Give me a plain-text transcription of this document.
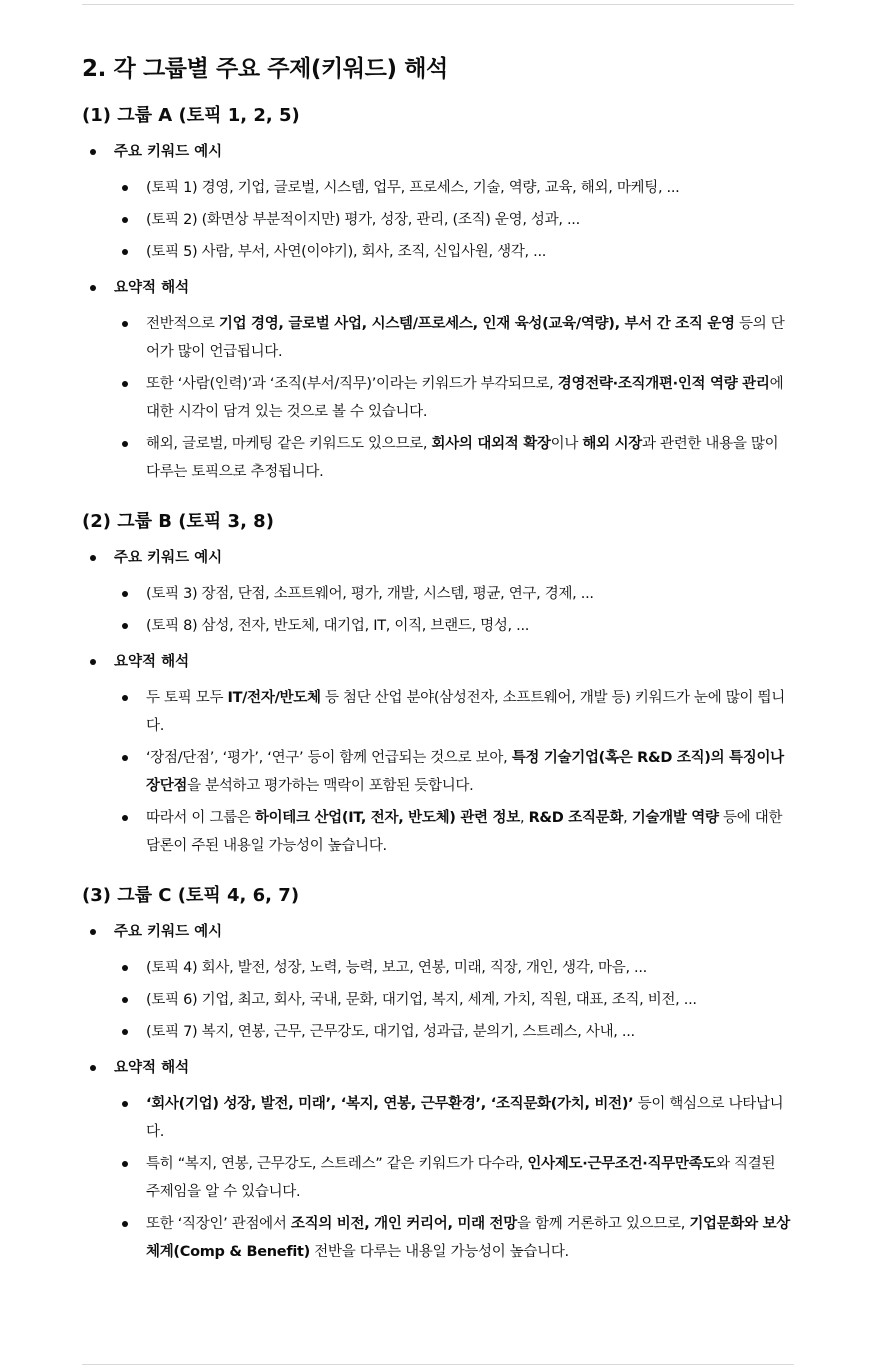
2. 각 그룹별 주요 주제(키워드) 해석
(1) 그룹 A (토픽 1, 2, 5)
주요 키워드 예시
(토픽 1) 경영, 기업, 글로벌, 시스템, 업무, 프로세스, 기술, 역량, 교육, 해외, 마케팅, ...
(토픽 2) (화면상 부분적이지만) 평가, 성장, 관리, (조직) 운영, 성과, ...
(토픽 5) 사람, 부서, 사연(이야기), 회사, 조직, 신입사원, 생각, ...
요약적 해석
전반적으로 기업 경영, 글로벌 사업, 시스템/프로세스, 인재 육성(교육/역량), 부서 간 조직 운영 등의 단어가 많이 언급됩니다.
또한 ‘사람(인력)’과 ‘조직(부서/직무)’이라는 키워드가 부각되므로, 경영전략·조직개편·인적 역량 관리에 대한 시각이 담겨 있는 것으로 볼 수 있습니다.
해외, 글로벌, 마케팅 같은 키워드도 있으므로, 회사의 대외적 확장이나 해외 시장과 관련한 내용을 많이 다루는 토픽으로 추정됩니다.
(2) 그룹 B (토픽 3, 8)
주요 키워드 예시
(토픽 3) 장점, 단점, 소프트웨어, 평가, 개발, 시스템, 평균, 연구, 경제, ...
(토픽 8) 삼성, 전자, 반도체, 대기업, IT, 이직, 브랜드, 명성, ...
요약적 해석
두 토픽 모두 IT/전자/반도체 등 첨단 산업 분야(삼성전자, 소프트웨어, 개발 등) 키워드가 눈에 많이 띕니다.
‘장점/단점’, ‘평가’, ‘연구’ 등이 함께 언급되는 것으로 보아, 특정 기술기업(혹은 R&D 조직)의 특징이나 장단점을 분석하고 평가하는 맥락이 포함된 듯합니다.
따라서 이 그룹은 하이테크 산업(IT, 전자, 반도체) 관련 정보, R&D 조직문화, 기술개발 역량 등에 대한 담론이 주된 내용일 가능성이 높습니다.
(3) 그룹 C (토픽 4, 6, 7)
주요 키워드 예시
(토픽 4) 회사, 발전, 성장, 노력, 능력, 보고, 연봉, 미래, 직장, 개인, 생각, 마음, ...
(토픽 6) 기업, 최고, 회사, 국내, 문화, 대기업, 복지, 세계, 가치, 직원, 대표, 조직, 비전, ...
(토픽 7) 복지, 연봉, 근무, 근무강도, 대기업, 성과급, 분의기, 스트레스, 사내, ...
요약적 해석
‘회사(기업) 성장, 발전, 미래’, ‘복지, 연봉, 근무환경’, ‘조직문화(가치, 비전)’ 등이 핵심으로 나타납니다.
특히 “복지, 연봉, 근무강도, 스트레스” 같은 키워드가 다수라, 인사제도·근무조건·직무만족도와 직결된 주제임을 알 수 있습니다.
또한 ‘직장인’ 관점에서 조직의 비전, 개인 커리어, 미래 전망을 함께 거론하고 있으므로, 기업문화와 보상체계(Comp & Benefit) 전반을 다루는 내용일 가능성이 높습니다.
